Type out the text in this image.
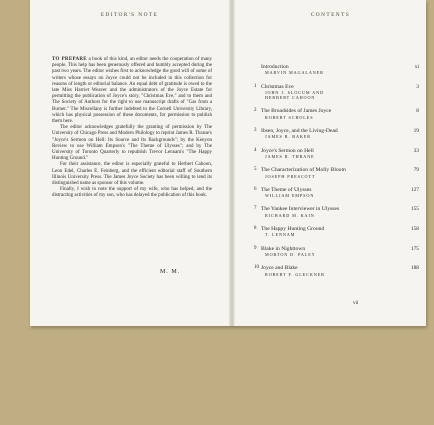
EDITOR'S NOTE

TO PREPARE a book of this kind, an editor needs the cooperation of many people. This help has been generously offered and humbly accepted during the past two years. The editor wishes first to acknowledge the good will of some of writers whose essays on Joyce could not be included in this collection for reasons of length or editorial balance. An equal debt of gratitude is owed to the late Miss Harriet Weaver and the administrators of the Joyce Estate for permitting the publication of Joyce's story, "Christmas Eve," and to them and The Society of Authors for the right to use manuscript drafts of "Gas from a Burner." The Miscellany is further indebted to the Cornell University Library, which has physical possession of these documents, for permission to publish them here.

The editor acknowledges gratefully the granting of permission by The University of Chicago Press and Modern Philology to reprint James R. Thrane's "Joyce's Sermon on Hell: Its Source and Its Backgrounds"; by the Kenyon Review to use William Empson's "The Theme of Ulysses"; and by The University of Toronto Quarterly to republish Trevor Lennam's "The Happy Hunting Ground."

For their assistance, the editor is especially grateful to Herbert Cahoon, Leon Edel, Charles E. Feinberg, and the efficient editorial staff of Southern Illinois University Press. The James Joyce Society has been willing to lend its distinguished name as sponsor of this volume.

Finally, I wish to note the support of my wife, who has helped, and the distracting activities of my son, who has delayed the publication of this book.

M. M.
CONTENTS
Introduction	xi
MARVIN MAGALANER
1 Christmas Eve	3
JOHN J. SLOCUM AND
HERBERT CAHOON
2 The Broadsides of James Joyce	8
ROBERT SCHOLES
3 Ibsen, Joyce, and the Living-Dead	19
JAMES R. BAKER
4 Joyce's Sermon on Hell	33
JAMES R. THRANE
5 The Characterization of Molly Bloom	79
JOSEPH PRESCOTT
6 The Theme of Ulysses	127
WILLIAM EMPSON
7 The Yankee Interviewer in Ulysses	155
RICHARD M. KAIN
8 The Happy Hunting Ground	158
T. LENNAM
9 Blake in Nighttown	175
MORTON D. PALEY
10 Joyce and Blake	188
ROBERT F. GLECKNER
vii
